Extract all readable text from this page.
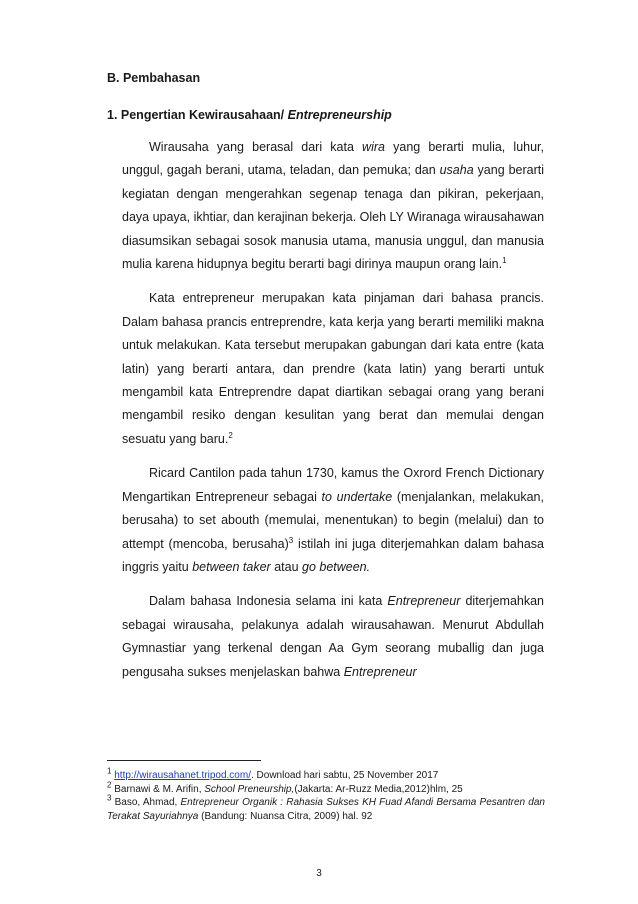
B. Pembahasan
1. Pengertian Kewirausahaan/ Entrepreneurship

Wirausaha yang berasal dari kata wira yang berarti mulia, luhur, unggul, gagah berani, utama, teladan, dan pemuka; dan usaha yang berarti kegiatan dengan mengerahkan segenap tenaga dan pikiran, pekerjaan, daya upaya, ikhtiar, dan kerajinan bekerja. Oleh LY Wiranaga wirausahawan diasumsikan sebagai sosok manusia utama, manusia unggul, dan manusia mulia karena hidupnya begitu berarti bagi dirinya maupun orang lain.$^1$

Kata entrepreneur merupakan kata pinjaman dari bahasa prancis. Dalam bahasa prancis entreprendre, kata kerja yang berarti memiliki makna untuk melakukan. Kata tersebut merupakan gabungan dari kata entre (kata latin) yang berarti antara, dan prendre (kata latin) yang berarti untuk mengambil kata Entreprendre dapat diartikan sebagai orang yang berani mengambil resiko dengan kesulitan yang berat dan memulai dengan sesuatu yang baru.$^2$

Ricard Cantilon pada tahun 1730, kamus the Oxrord French Dictionary Mengartikan Entrepreneur sebagai to undertake (menjalankan, melakukan, berusaha) to set abouth (memulai, menentukan) to begin (melalui) dan to attempt (mencoba, berusaha)$^3$ istilah ini juga diterjemahkan dalam bahasa inggris yaitu between taker atau go between.

Dalam bahasa Indonesia selama ini kata Entrepreneur diterjemahkan sebagai wirausaha, pelakunya adalah wirausahawan. Menurut Abdullah Gymnastiar yang terkenal dengan Aa Gym seorang muballig dan juga pengusaha sukses menjelaskan bahwa Entrepreneur

$^1$ http://wirausahanet.tripod.com/. Download hari sabtu, 25 November 2017

$^2$ Barnawi & M. Arifin, School Preneurship,(Jakarta: Ar-Ruzz Media,2012)hlm, 25

$^3$ Baso, Ahmad, Entrepreneur Organik : Rahasia Sukses KH Fuad Afandi Bersama Pesantren dan Terakat Sayuriahnya (Bandung: Nuansa Citra, 2009) hal. 92

3
